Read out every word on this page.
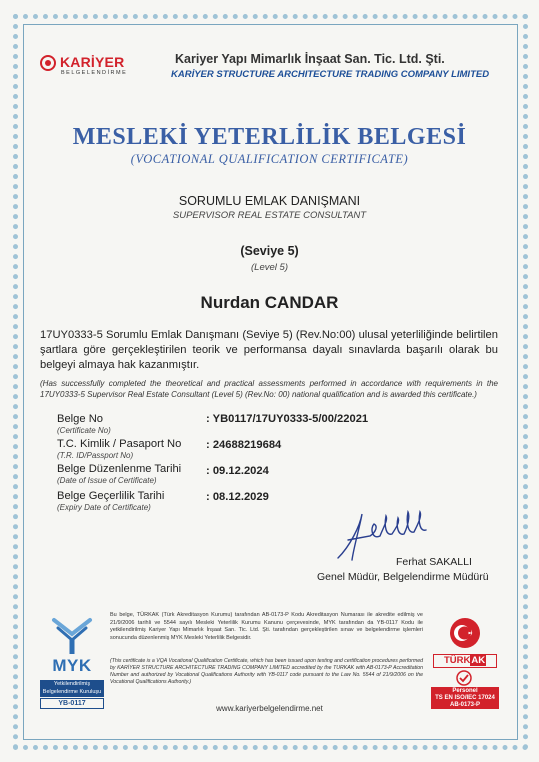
KARİYER
BELGELENDİRME
Kariyer Yapı Mimarlık İnşaat San. Tic. Ltd. Şti.
KARİYER STRUCTURE ARCHITECTURE TRADING COMPANY LIMITED
MESLEKİ YETERLİLİK BELGESİ
(VOCATIONAL QUALIFICATION CERTIFICATE)
SORUMLU EMLAK DANIŞMANI
SUPERVISOR REAL ESTATE CONSULTANT
(Seviye 5)
(Level 5)
Nurdan CANDAR
17UY0333-5 Sorumlu Emlak Danışmanı (Seviye 5) (Rev.No:00) ulusal yeterliliğinde belirtilen şartlara göre gerçekleştirilen teorik ve performansa dayalı sınavlarda başarılı olarak bu belgeyi almaya hak kazanmıştır.
(Has successfully completed the theoretical and practical assessments performed in accordance with requirements in the 17UY0333-5 Supervisor Real Estate Consultant (Level 5) (Rev.No: 00) national qualification and is awarded this certificate.)
Belge No
(Certificate No)
: YB0117/17UY0333-5/00/22021
T.C. Kimlik / Pasaport No
(T.R. ID/Passport No)
: 24688219684
Belge Düzenlenme Tarihi
(Date of Issue of Certificate)
: 09.12.2024
Belge Geçerlilik Tarihi
(Expiry Date of Certificate)
: 08.12.2029
Ferhat SAKALLI
Genel Müdür, Belgelendirme Müdürü
MYK
Yetkilendirilmiş
Belgelendirme Kuruluşu
YB-0117
Bu belge, TÜRKAK (Türk Akreditasyon Kurumu) tarafından AB-0173-P Kodu Akreditasyon Numarası ile akredite edilmiş ve 21/9/2006 tarihli ve 5544 sayılı Mesleki Yeterlilik Kurumu Kanunu çerçevesinde, MYK tarafından da YB-0117 Kodu ile yetkilendirilmiş Kariyer Yapı Mimarlık İnşaat San. Tic. Ltd. Şti. tarafından gerçekleştirilen sınav ve belgelendirme işlemleri sonucunda düzenlenmiş MYK Mesleki Yeterlilik Belgesidir.
(This certificate is a VQA Vocational Qualification Certificate, which has been issued upon testing and certification procedures performed by KARİYER STRUCTURE ARCHITECTURE TRADING COMPANY LIMITED accredited by the TURKAK with AB-0173-P Accreditation Number and authorized by Vocational Qualifications Authority with YB-0117 code pursuant to the Law No. 5544 of 21/9/2006 on the Vocational Qualifications Authority.)
www.kariyerbelgelendirme.net
TÜRKAK
Personel
TS EN ISO/IEC 17024
AB-0173-P
